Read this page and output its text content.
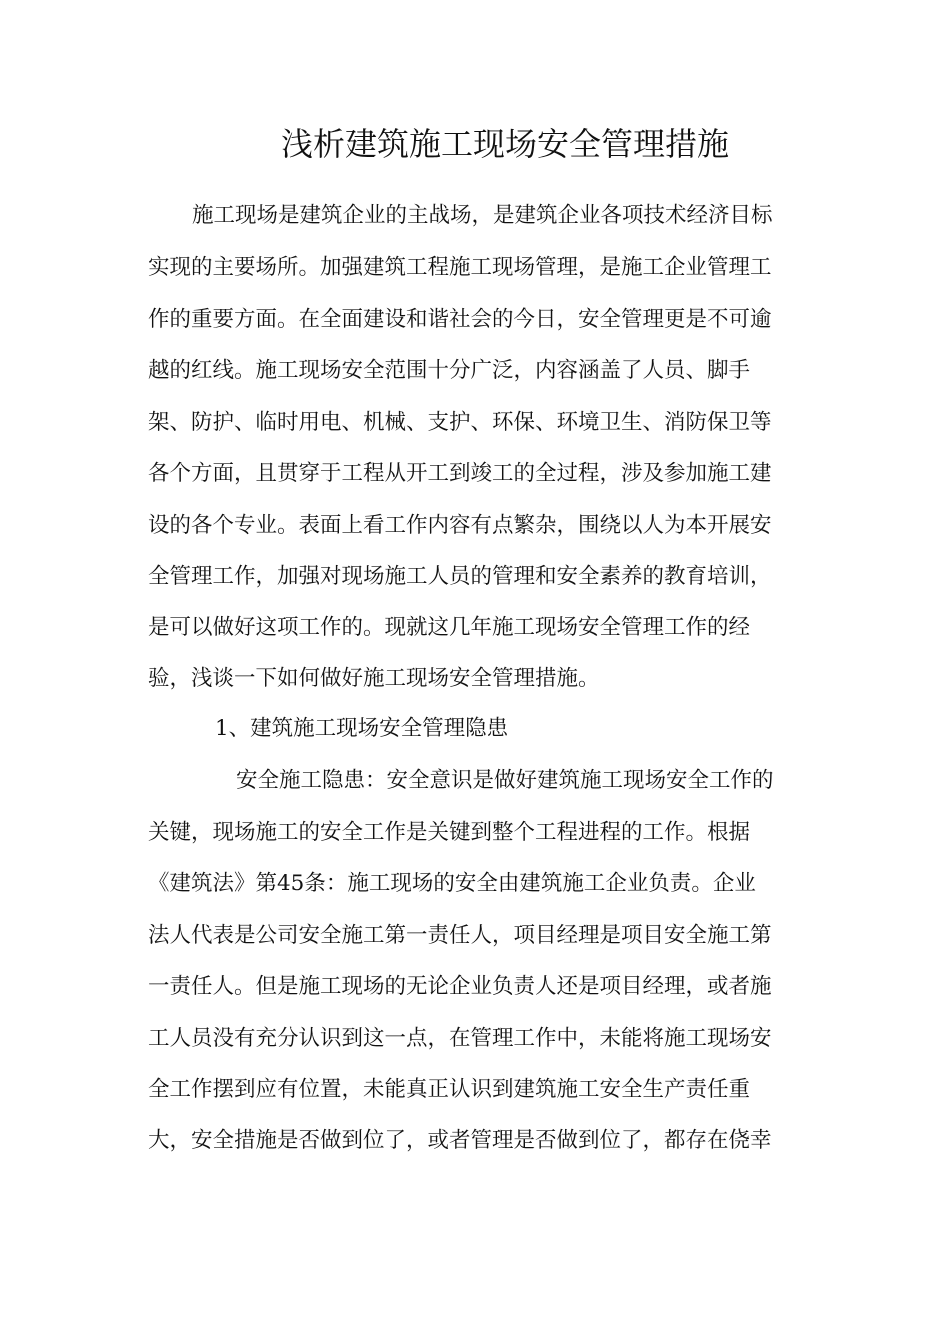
浅析建筑施工现场安全管理措施
施工现场是建筑企业的主战场，是建筑企业各项技术经济目标
实现的主要场所。加强建筑工程施工现场管理，是施工企业管理工
作的重要方面。在全面建设和谐社会的今日，安全管理更是不可逾
越的红线。施工现场安全范围十分广泛，内容涵盖了人员、脚手
架、防护、临时用电、机械、支护、环保、环境卫生、消防保卫等
各个方面，且贯穿于工程从开工到竣工的全过程，涉及参加施工建
设的各个专业。表面上看工作内容有点繁杂，围绕以人为本开展安
全管理工作，加强对现场施工人员的管理和安全素养的教育培训，
是可以做好这项工作的。现就这几年施工现场安全管理工作的经
验，浅谈一下如何做好施工现场安全管理措施。
1、建筑施工现场安全管理隐患
安全施工隐患：安全意识是做好建筑施工现场安全工作的
关键，现场施工的安全工作是关键到整个工程进程的工作。根据
《建筑法》第45条：施工现场的安全由建筑施工企业负责。企业
法人代表是公司安全施工第一责任人，项目经理是项目安全施工第
一责任人。但是施工现场的无论企业负责人还是项目经理，或者施
工人员没有充分认识到这一点，在管理工作中，未能将施工现场安
全工作摆到应有位置，未能真正认识到建筑施工安全生产责任重
大，安全措施是否做到位了，或者管理是否做到位了，都存在侥幸
